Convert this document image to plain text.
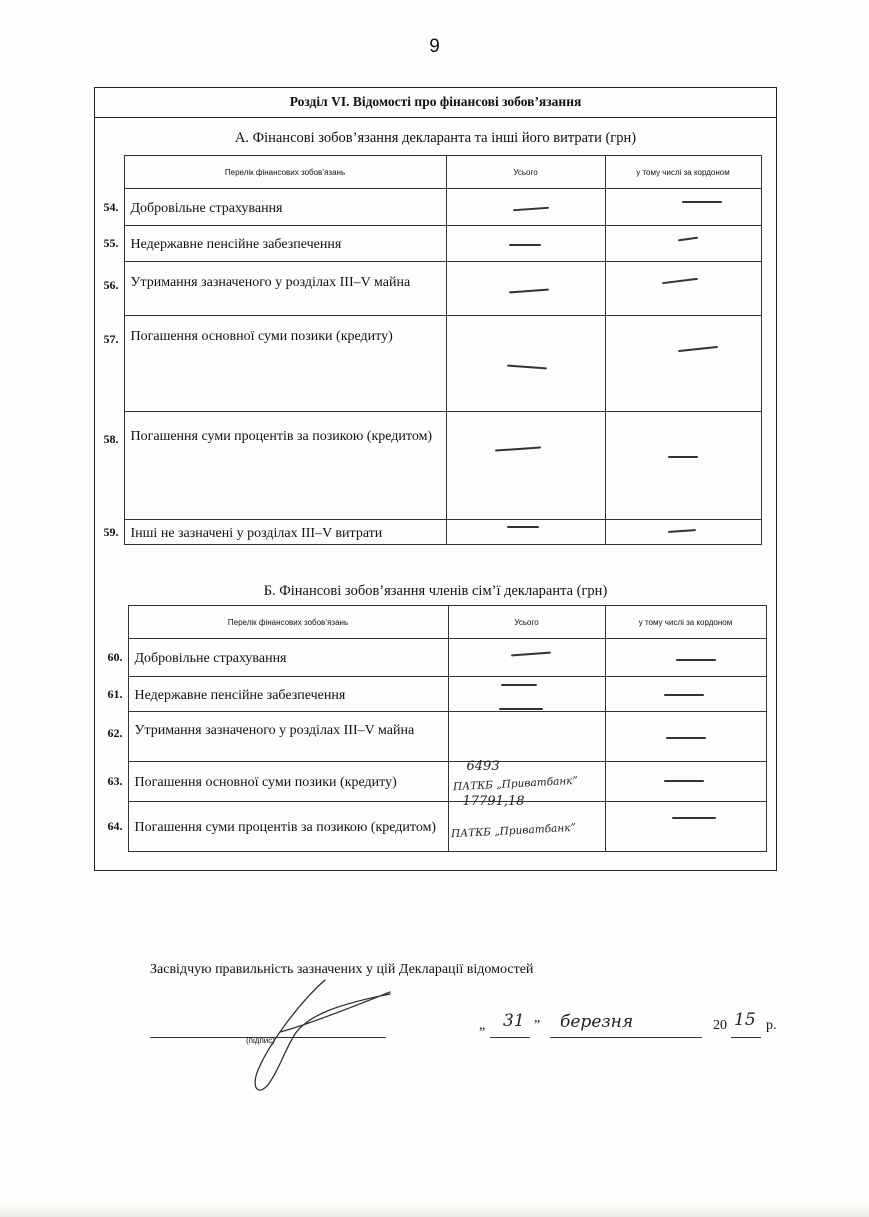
9
Розділ VI. Відомості про фінансові зобов’язання
А. Фінансові зобов’язання декларанта та інші його витрати (грн)
	Перелік фінансових зобов’язань	Усього	у тому числі за кордоном
54.	Добровільне страхування	

55.	Недержавне пенсійне забезпечення	

56.	Утримання зазначеного у розділах III–V майна	

57.	Погашення основної суми позики (кредиту)	

58.	Погашення суми процентів за позикою (кредитом)	

59.	Інші не зазначені у розділах III–V витрати	

Б. Фінансові зобов’язання членів сім’ї декларанта (грн)
	Перелік фінансових зобов’язань	Усього	у тому числі за кордоном
60.	Добровільне страхування	

61.	Недержавне пенсійне забезпечення	

62.	Утримання зазначеного у розділах III–V майна	

63.	Погашення основної суми позики (кредиту)	6493
ПАТКБ „Приватбанк”	

64.	Погашення суми процентів за позикою (кредитом)	17791,18
ПАТКБ „Приватбанк”	

Засвідчую правильність зазначених у цій Декларації відомостей
(підпис)
„ 31 ” березня	20 15 р.
